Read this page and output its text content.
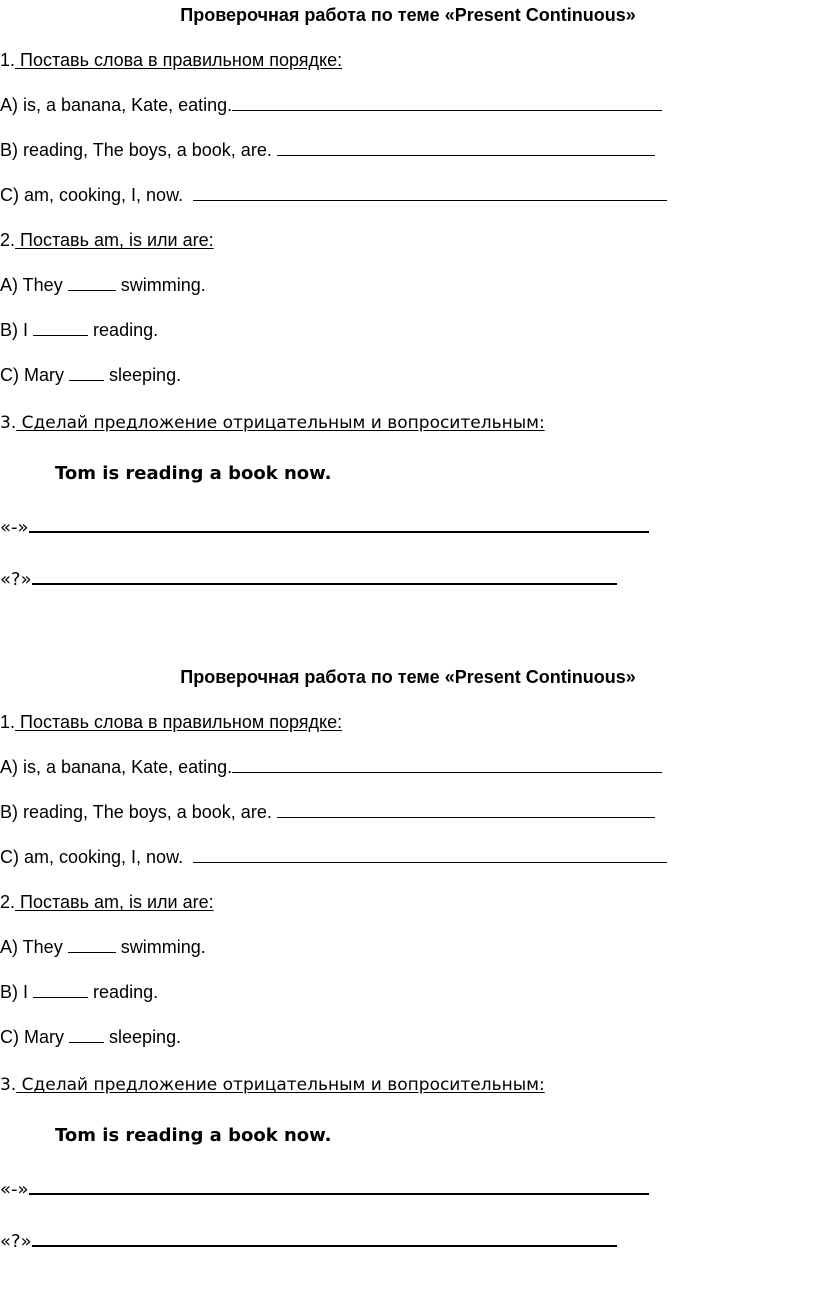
Проверочная работа по теме «Present Continuous»
1. Поставь слова в правильном порядке:
A) is, a banana, Kate, eating.
B) reading, The boys, a book, are.
C) am, cooking, I, now.
2. Поставь am, is или are:
A) They	swimming.
B) I	reading.
C) Mary	sleeping.
3. Сделай предложение отрицательным и вопросительным:
Tom is reading a book now.
«-»
«?»
Проверочная работа по теме «Present Continuous»
1. Поставь слова в правильном порядке:
A) is, a banana, Kate, eating.
B) reading, The boys, a book, are.
C) am, cooking, I, now.
2. Поставь am, is или are:
A) They	swimming.
B) I	reading.
C) Mary	sleeping.
3. Сделай предложение отрицательным и вопросительным:
Tom is reading a book now.
«-»
«?»
